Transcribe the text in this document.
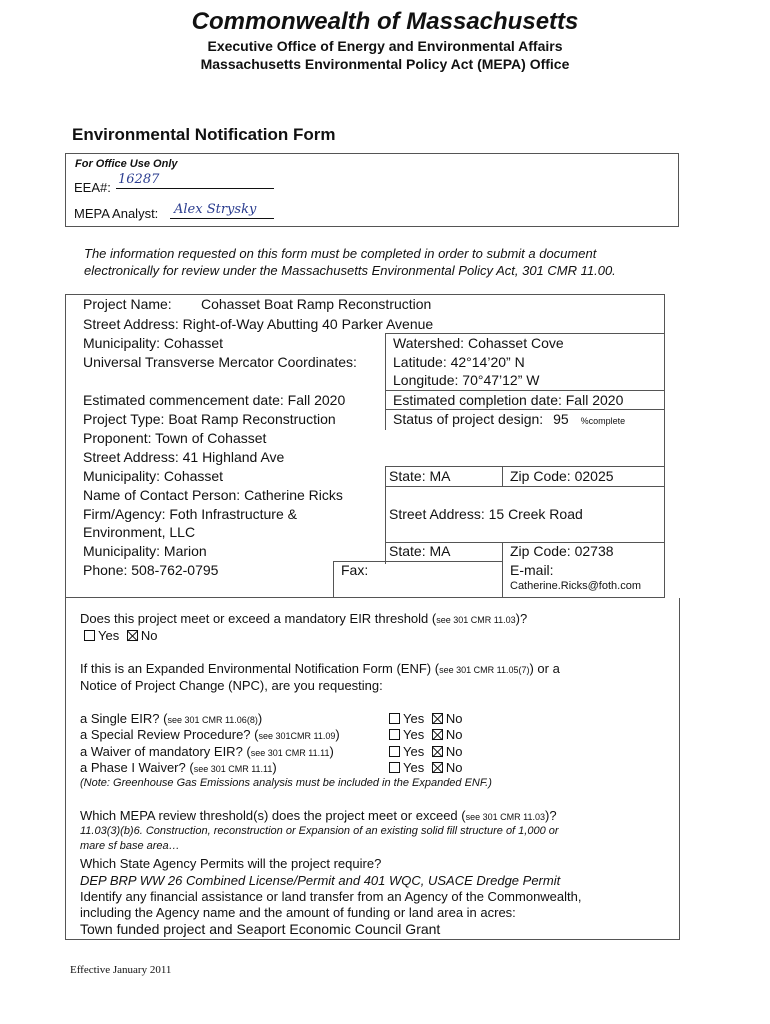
Commonwealth of Massachusetts
Executive Office of Energy and Environmental Affairs
Massachusetts Environmental Policy Act (MEPA) Office
Environmental Notification Form
For Office Use Only
EEA#:
16287
MEPA Analyst: Alex Strysky
The information requested on this form must be completed in order to submit a document
electronically for review under the Massachusetts Environmental Policy Act, 301 CMR 11.00.
Project Name: Cohasset Boat Ramp Reconstruction
Street Address: Right-of-Way Abutting 40 Parker Avenue
Municipality: Cohasset	Watershed: Cohasset Cove
Universal Transverse Mercator Coordinates:	Latitude: 42°14’20” N
Longitude: 70°47’12” W
Estimated commencement date: Fall 2020	Estimated completion date: Fall 2020
Project Type: Boat Ramp Reconstruction	Status of project design: 95 %complete
Proponent: Town of Cohasset
Street Address: 41 Highland Ave
Municipality: Cohasset	State: MA	Zip Code: 02025
Name of Contact Person: Catherine Ricks
Firm/Agency: Foth Infrastructure &
Environment, LLC
Street Address: 15 Creek Road
Municipality: Marion	State: MA	Zip Code: 02738
Phone: 508-762-0795	Fax:	E-mail:
Catherine.Ricks@foth.com
Does this project meet or exceed a mandatory EIR threshold (see 301 CMR 11.03)?
Yes No
If this is an Expanded Environmental Notification Form (ENF) (see 301 CMR 11.05(7)) or a
Notice of Project Change (NPC), are you requesting:
a Single EIR? (see 301 CMR 11.06(8))	Yes No
a Special Review Procedure? (see 301CMR 11.09)	Yes No
a Waiver of mandatory EIR? (see 301 CMR 11.11)	Yes No
a Phase I Waiver? (see 301 CMR 11.11)	Yes No
(Note: Greenhouse Gas Emissions analysis must be included in the Expanded ENF.)
Which MEPA review threshold(s) does the project meet or exceed (see 301 CMR 11.03)?
11.03(3)(b)6. Construction, reconstruction or Expansion of an existing solid fill structure of 1,000 or
mare sf base area…
Which State Agency Permits will the project require?
DEP BRP WW 26 Combined License/Permit and 401 WQC, USACE Dredge Permit
Identify any financial assistance or land transfer from an Agency of the Commonwealth,
including the Agency name and the amount of funding or land area in acres:
Town funded project and Seaport Economic Council Grant
Effective January 2011
